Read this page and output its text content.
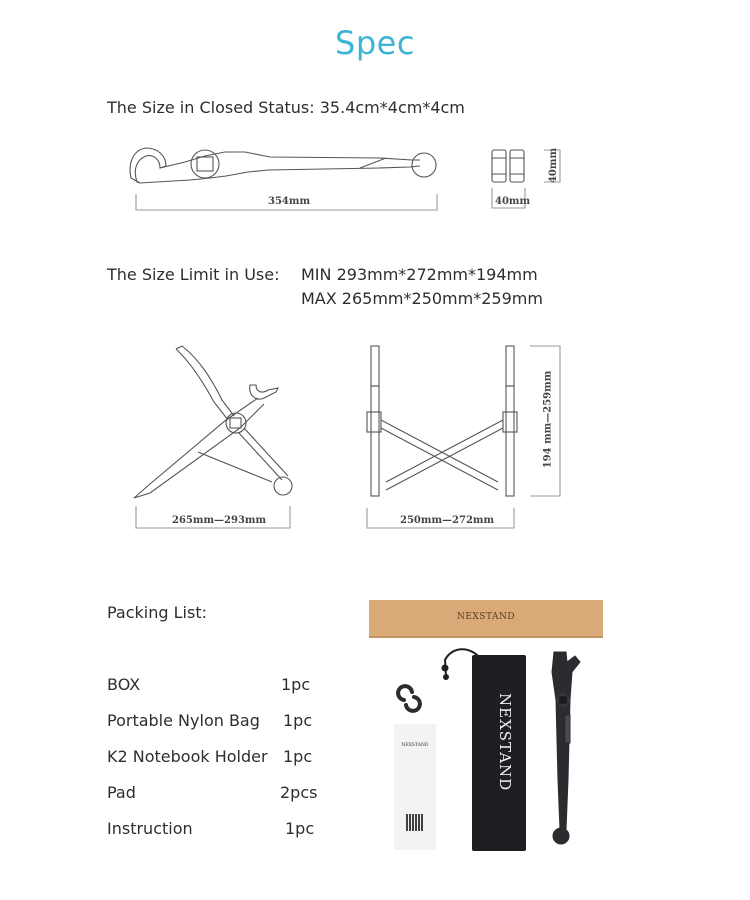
Spec
The Size in Closed Status: 35.4cm*4cm*4cm
354mm	40mm
40mm
The Size Limit in Use: MIN 293mm*272mm*194mm
MAX 265mm*250mm*259mm
265mm—293mm	250mm—272mm
194 mm—259mm
Packing List:
BOX	1pc
Portable Nylon Bag 1pc
K2 Notebook Holder 1pc
Pad	2pcs
Instruction	1pc
NEXSTAND
NEXSTAND	NEXSTAND
